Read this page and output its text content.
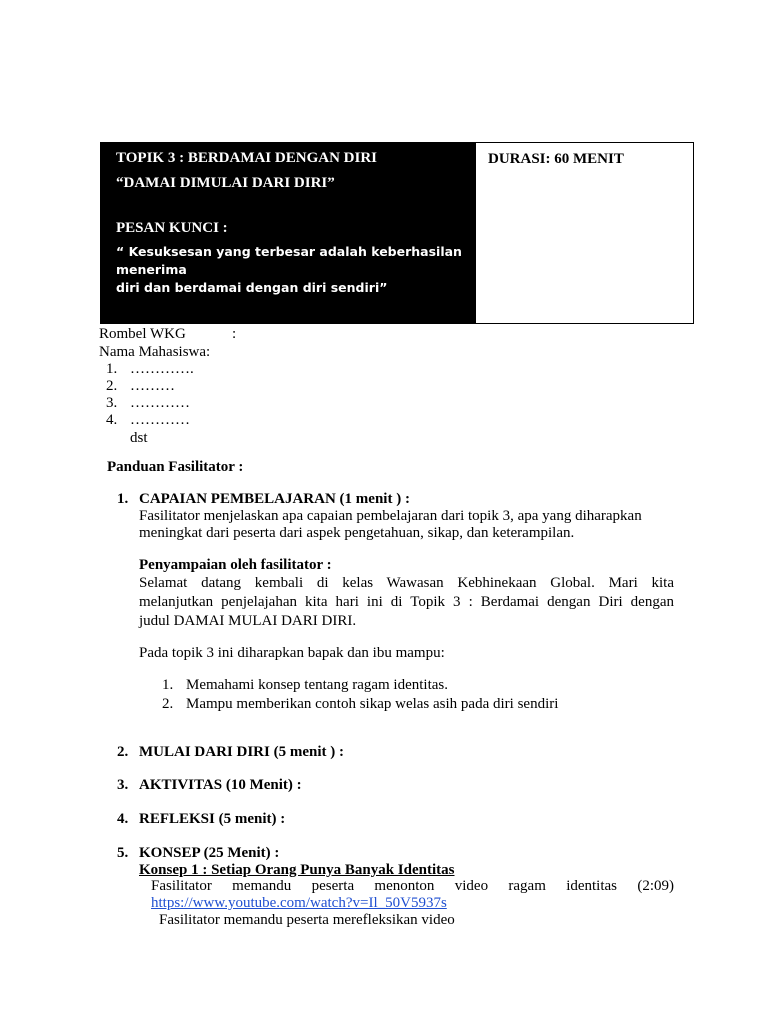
TOPIK 3 : BERDAMAI DENGAN DIRI
“DAMAI DIMULAI DARI DIRI”
PESAN KUNCI :
“ Kesuksesan yang terbesar adalah keberhasilan menerima
diri dan berdamai dengan diri sendiri”
DURASI: 60 MENIT
Rombel WKG	:
Nama Mahasiswa:
1. ………….
2. ………
3. …………
4. ………… dst
Panduan Fasilitator :
1. CAPAIAN PEMBELAJARAN (1 menit ) :
Fasilitator menjelaskan apa capaian pembelajaran dari topik 3, apa yang diharapkan
meningkat dari peserta dari aspek pengetahuan, sikap, dan keterampilan.
Penyampaian oleh fasilitator :
Selamat datang kembali di kelas Wawasan Kebhinekaan Global. Mari kita
melanjutkan penjelajahan kita hari ini di Topik 3 : Berdamai dengan Diri dengan
judul DAMAI MULAI DARI DIRI.
Pada topik 3 ini diharapkan bapak dan ibu mampu:
1. Memahami konsep tentang ragam identitas.
2. Mampu memberikan contoh sikap welas asih pada diri sendiri
2. MULAI DARI DIRI (5 menit ) :
3. AKTIVITAS (10 Menit) :
4. REFLEKSI (5 menit) :
5. KONSEP (25 Menit) :
Konsep 1 : Setiap Orang Punya Banyak Identitas
Fasilitator memandu peserta menonton video ragam identitas (2:09)
https://www.youtube.com/watch?v=Il_50V5937s
Fasilitator memandu peserta merefleksikan video
